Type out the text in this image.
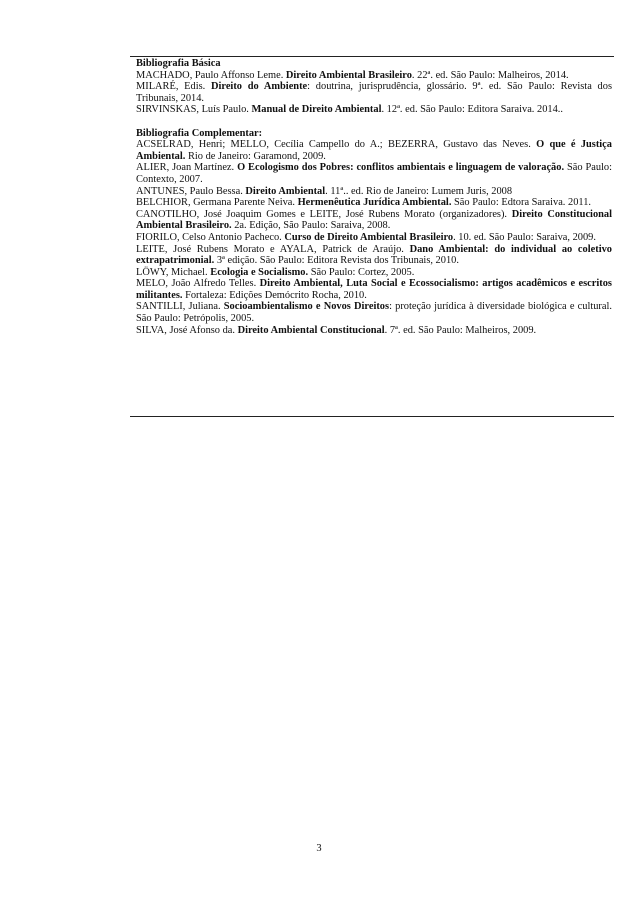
Bibliografia Básica

MACHADO, Paulo Affonso Leme. Direito Ambiental Brasileiro. 22ª. ed. São Paulo: Malheiros, 2014.

MILARÉ, Edis. Direito do Ambiente: doutrina, jurisprudência, glossário. 9ª. ed. São Paulo: Revista dos Tribunais, 2014.

SIRVINSKAS, Luís Paulo. Manual de Direito Ambiental. 12ª. ed. São Paulo: Editora Saraiva. 2014..

Bibliografia Complementar:

ACSELRAD, Henri; MELLO, Cecília Campello do A.; BEZERRA, Gustavo das Neves. O que é Justiça Ambiental. Rio de Janeiro: Garamond, 2009.

ALIER, Joan Martínez. O Ecologismo dos Pobres: conflitos ambientais e linguagem de valoração. São Paulo: Contexto, 2007.

ANTUNES, Paulo Bessa. Direito Ambiental. 11ª.. ed. Rio de Janeiro: Lumem Juris, 2008

BELCHIOR, Germana Parente Neiva. Hermenêutica Jurídica Ambiental. São Paulo: Edtora Saraiva. 2011.

CANOTILHO, José Joaquim Gomes e LEITE, José Rubens Morato (organizadores). Direito Constitucional Ambiental Brasileiro. 2a. Edição, São Paulo: Saraiva, 2008.

FIORILO, Celso Antonio Pacheco. Curso de Direito Ambiental Brasileiro. 10. ed. São Paulo: Saraiva, 2009.

LEITE, José Rubens Morato e AYALA, Patrick de Araújo. Dano Ambiental: do individual ao coletivo extrapatrimonial. 3ª edição. São Paulo: Editora Revista dos Tribunais, 2010.

LÖWY, Michael. Ecologia e Socialismo. São Paulo: Cortez, 2005.

MELO, João Alfredo Telles. Direito Ambiental, Luta Social e Ecossocialismo: artigos acadêmicos e escritos militantes. Fortaleza: Edições Demócrito Rocha, 2010.

SANTILLI, Juliana. Socioambientalismo e Novos Direitos: proteção jurídica à diversidade biológica e cultural. São Paulo: Petrópolis, 2005.

SILVA, José Afonso da. Direito Ambiental Constitucional. 7ª. ed. São Paulo: Malheiros, 2009.

3
